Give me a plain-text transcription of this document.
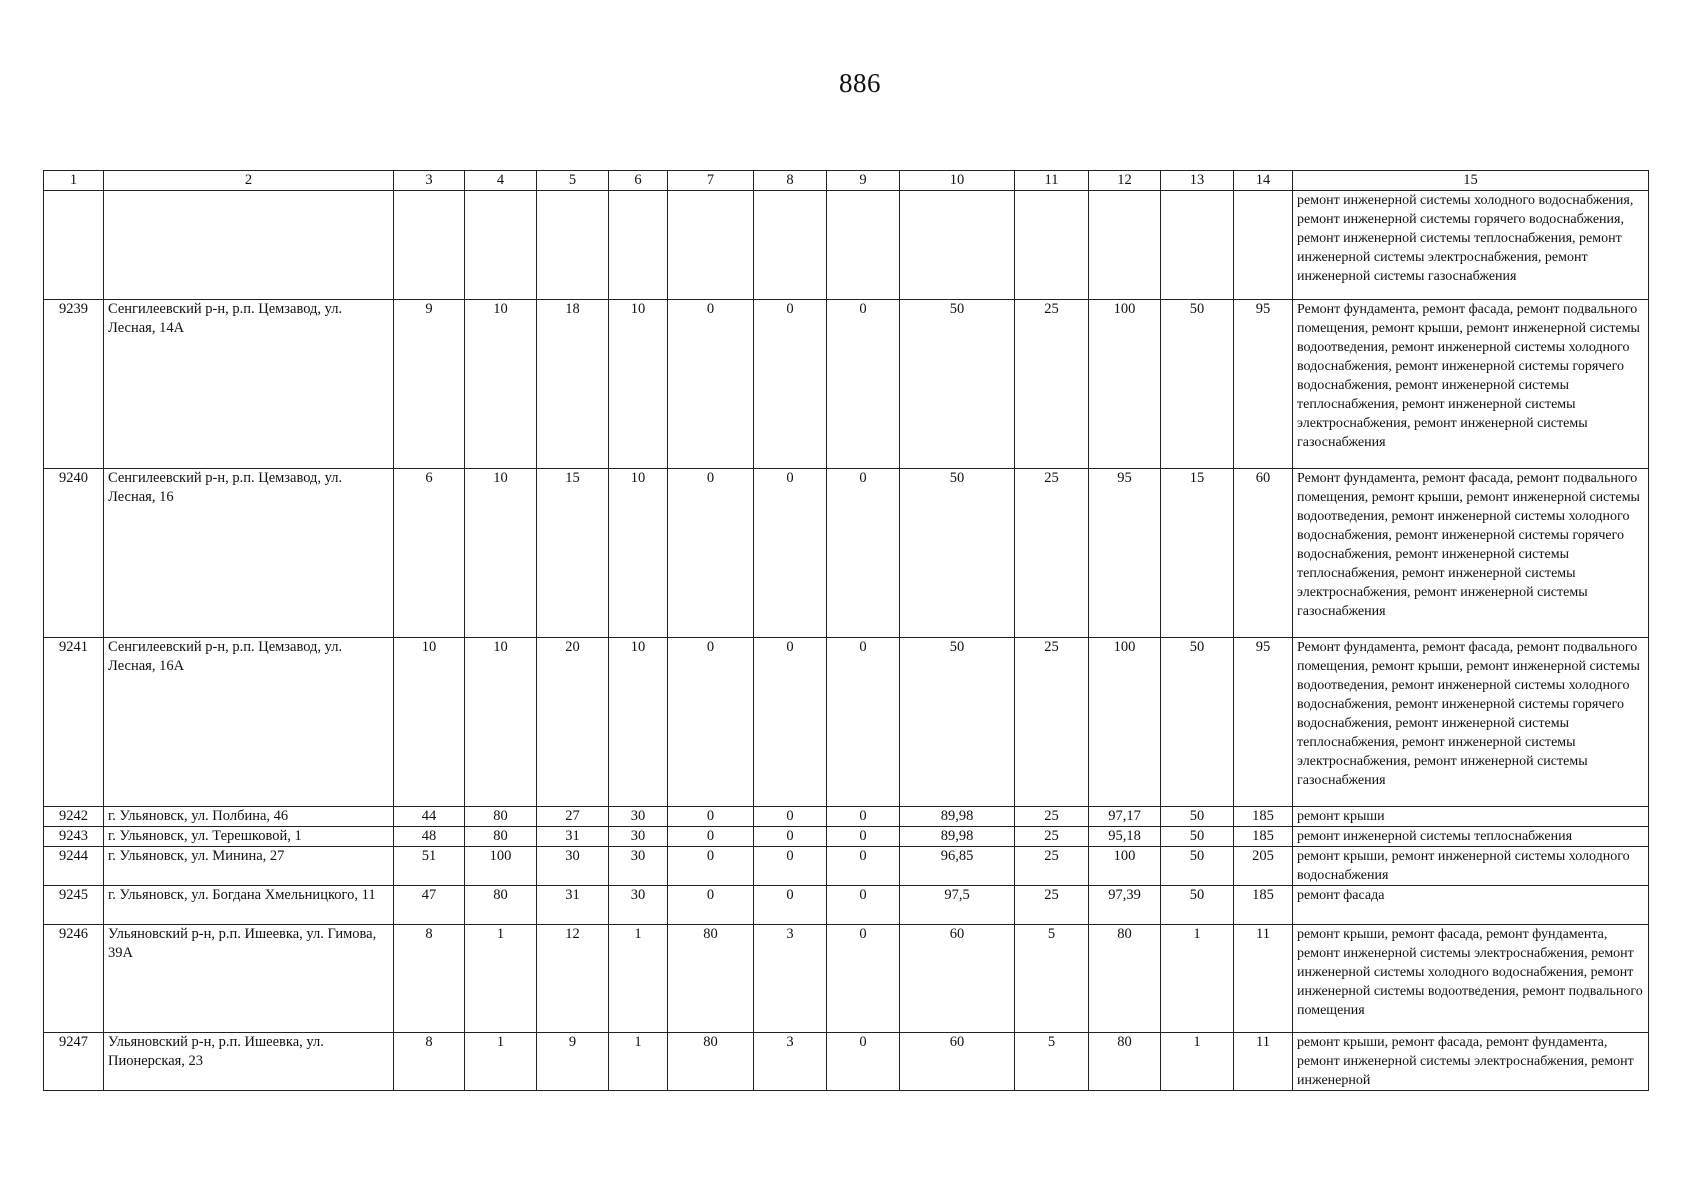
886
1	2	3	4	5	6	7	8	9	10	11	12	13	14	15
														ремонт инженерной системы холодного водоснабжения, ремонт инженерной системы горячего водоснабжения, ремонт инженерной системы теплоснабжения, ремонт инженерной системы электроснабжения, ремонт инженерной системы газоснабжения
9239	Сенгилеевский р-н, р.п. Цемзавод, ул. Лесная, 14А	9	10	18	10	0	0	0	50	25	100	50	95	Ремонт фундамента, ремонт фасада, ремонт подвального помещения, ремонт крыши, ремонт инженерной системы водоотведения, ремонт инженерной системы холодного водоснабжения, ремонт инженерной системы горячего водоснабжения, ремонт инженерной системы теплоснабжения, ремонт инженерной системы электроснабжения, ремонт инженерной системы газоснабжения
9240	Сенгилеевский р-н, р.п. Цемзавод, ул. Лесная, 16	6	10	15	10	0	0	0	50	25	95	15	60	Ремонт фундамента, ремонт фасада, ремонт подвального помещения, ремонт крыши, ремонт инженерной системы водоотведения, ремонт инженерной системы холодного водоснабжения, ремонт инженерной системы горячего водоснабжения, ремонт инженерной системы теплоснабжения, ремонт инженерной системы электроснабжения, ремонт инженерной системы газоснабжения
9241	Сенгилеевский р-н, р.п. Цемзавод, ул. Лесная, 16А	10	10	20	10	0	0	0	50	25	100	50	95	Ремонт фундамента, ремонт фасада, ремонт подвального помещения, ремонт крыши, ремонт инженерной системы водоотведения, ремонт инженерной системы холодного водоснабжения, ремонт инженерной системы горячего водоснабжения, ремонт инженерной системы теплоснабжения, ремонт инженерной системы электроснабжения, ремонт инженерной системы газоснабжения
9242	г. Ульяновск, ул. Полбина, 46	44	80	27	30	0	0	0	89,98	25	97,17	50	185	ремонт крыши
9243	г. Ульяновск, ул. Терешковой, 1	48	80	31	30	0	0	0	89,98	25	95,18	50	185	ремонт инженерной системы теплоснабжения
9244	г. Ульяновск, ул. Минина, 27	51	100	30	30	0	0	0	96,85	25	100	50	205	ремонт крыши, ремонт инженерной системы холодного водоснабжения
9245	г. Ульяновск, ул. Богдана Хмельницкого, 11	47	80	31	30	0	0	0	97,5	25	97,39	50	185	ремонт фасада
9246	Ульяновский р-н, р.п. Ишеевка, ул. Гимова, 39А	8	1	12	1	80	3	0	60	5	80	1	11	ремонт крыши, ремонт фасада, ремонт фундамента, ремонт инженерной системы электроснабжения, ремонт инженерной системы холодного водоснабжения, ремонт инженерной системы водоотведения, ремонт подвального помещения
9247	Ульяновский р-н, р.п. Ишеевка, ул. Пионерская, 23	8	1	9	1	80	3	0	60	5	80	1	11	ремонт крыши, ремонт фасада, ремонт фундамента, ремонт инженерной системы электроснабжения, ремонт инженерной
